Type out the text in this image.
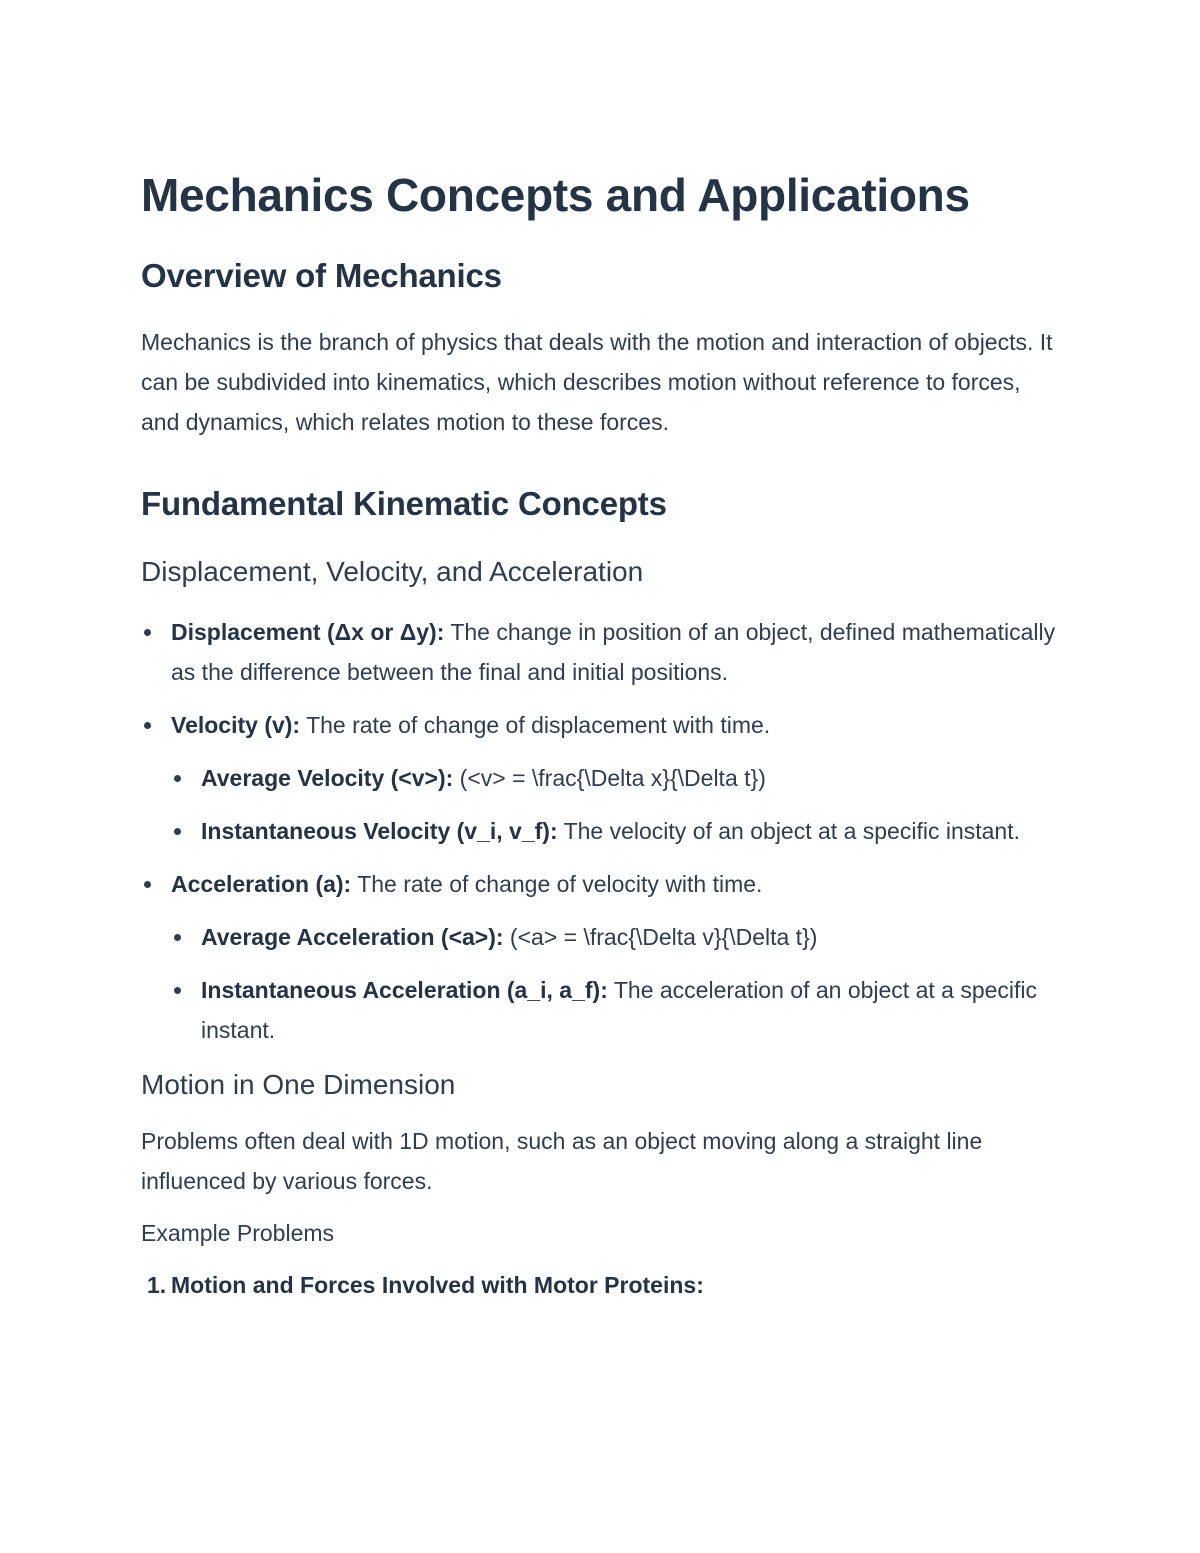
Mechanics Concepts and Applications
Overview of Mechanics

Mechanics is the branch of physics that deals with the motion and interaction of objects. It can be subdivided into kinematics, which describes motion without reference to forces, and dynamics, which relates motion to these forces.

Fundamental Kinematic Concepts
Displacement, Velocity, and Acceleration
Displacement (Δx or Δy): The change in position of an object, defined mathematically as the difference between the final and initial positions.
Velocity (v): The rate of change of displacement with time.
Average Velocity (<v>): (<v> = \frac{\Delta x}{\Delta t})
Instantaneous Velocity (v_i, v_f): The velocity of an object at a specific instant.
Acceleration (a): The rate of change of velocity with time.
Average Acceleration (<a>): (<a> = \frac{\Delta v}{\Delta t})
Instantaneous Acceleration (a_i, a_f): The acceleration of an object at a specific instant.
Motion in One Dimension

Problems often deal with 1D motion, such as an object moving along a straight line influenced by various forces.

Example Problems
1. Motion and Forces Involved with Motor Proteins:
